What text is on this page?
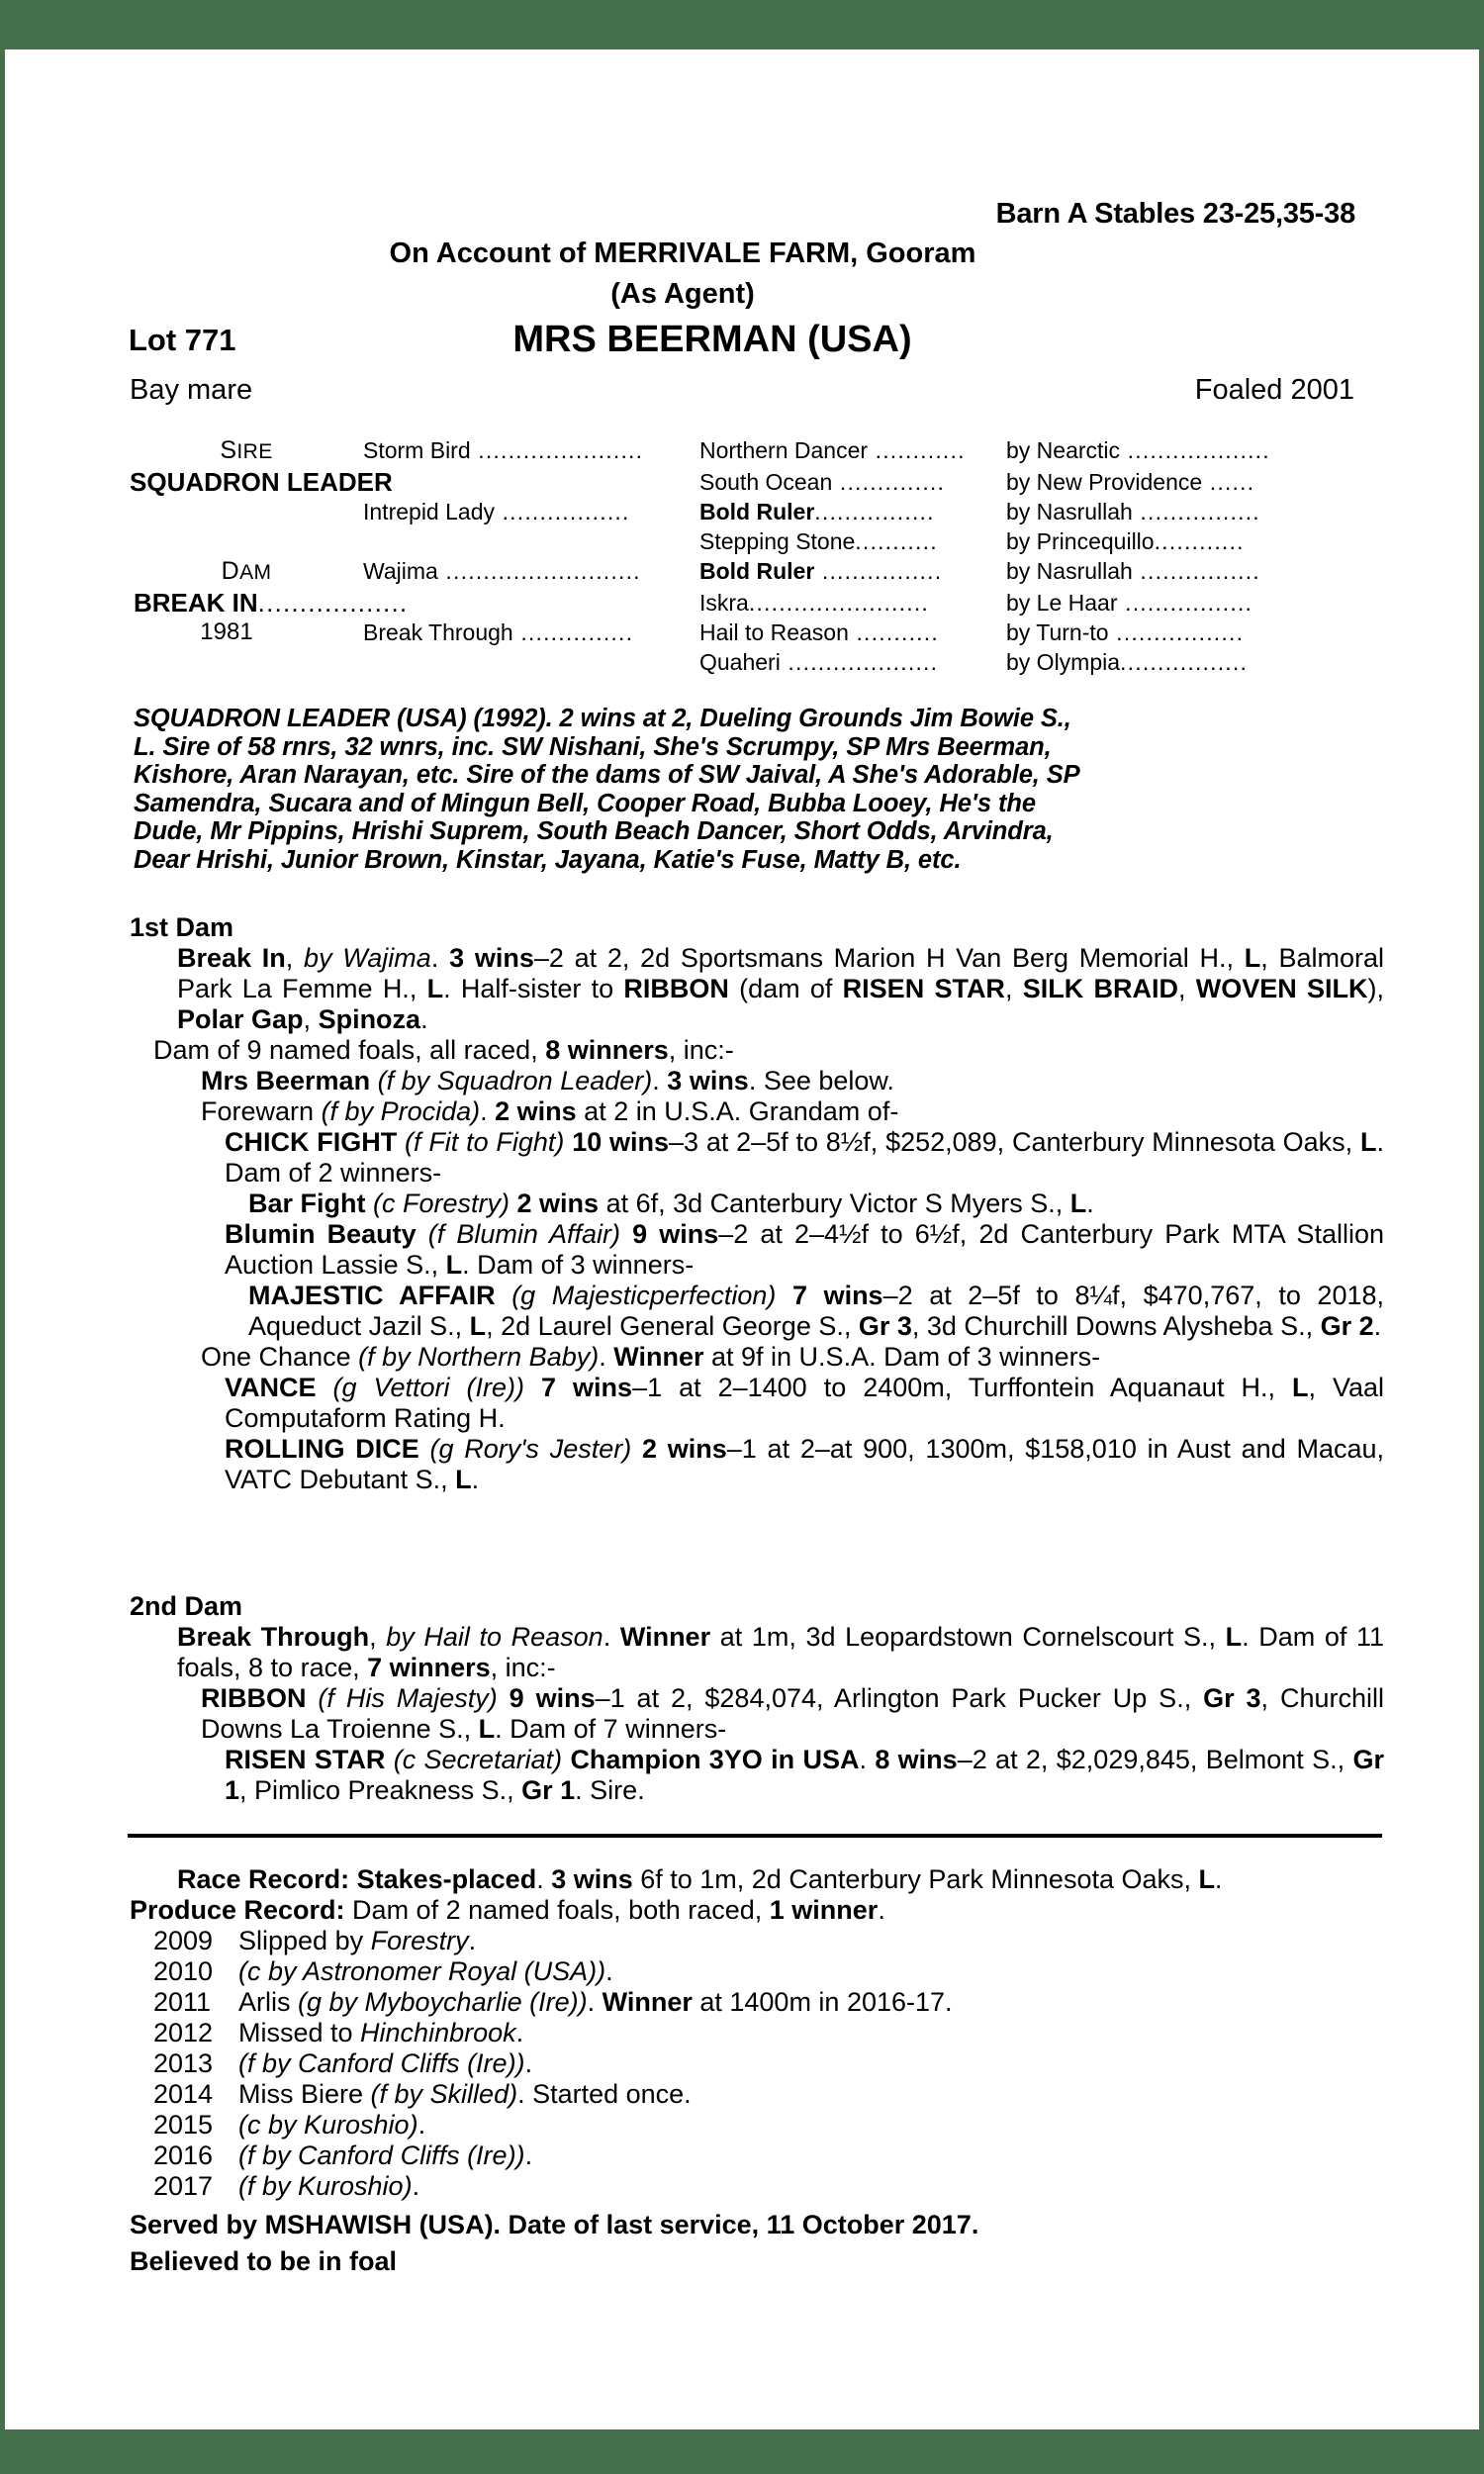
Barn A Stables 23-25,35-38
On Account of MERRIVALE FARM, Gooram
(As Agent)
Lot 771	MRS BEERMAN (USA)
Bay mare	Foaled 2001
SIRE	Storm Bird ......................	Northern Dancer ............	by Nearctic ...................
SQUADRON LEADER	South Ocean ..............	by New Providence ......
Intrepid Lady .................	Bold Ruler................	by Nasrullah ................
Stepping Stone...........	by Princequillo............
DAM	Wajima ..........................	Bold Ruler ................	by Nasrullah ................
BREAK IN..................	Iskra........................	by Le Haar .................
1981	Break Through ...............	Hail to Reason ...........	by Turn-to .................
Quaheri ....................	by Olympia.................
SQUADRON LEADER (USA) (1992). 2 wins at 2, Dueling Grounds Jim Bowie S.,
L. Sire of 58 rnrs, 32 wnrs, inc. SW Nishani, She's Scrumpy, SP Mrs Beerman,
Kishore, Aran Narayan, etc. Sire of the dams of SW Jaival, A She's Adorable, SP
Samendra, Sucara and of Mingun Bell, Cooper Road, Bubba Looey, He's the
Dude, Mr Pippins, Hrishi Suprem, South Beach Dancer, Short Odds, Arvindra,
Dear Hrishi, Junior Brown, Kinstar, Jayana, Katie's Fuse, Matty B, etc.

1st Dam

Break In, by Wajima. 3 wins–2 at 2, 2d Sportsmans Marion H Van Berg Memorial H., L, Balmoral Park La Femme H., L. Half-sister to RIBBON (dam of RISEN STAR, SILK BRAID, WOVEN SILK), Polar Gap, Spinoza.

Dam of 9 named foals, all raced, 8 winners, inc:-

Mrs Beerman (f by Squadron Leader). 3 wins. See below.

Forewarn (f by Procida). 2 wins at 2 in U.S.A. Grandam of-

CHICK FIGHT (f Fit to Fight) 10 wins–3 at 2–5f to 8½f, $252,089, Canterbury Minnesota Oaks, L. Dam of 2 winners-

Bar Fight (c Forestry) 2 wins at 6f, 3d Canterbury Victor S Myers S., L.

Blumin Beauty (f Blumin Affair) 9 wins–2 at 2–4½f to 6½f, 2d Canterbury Park MTA Stallion Auction Lassie S., L. Dam of 3 winners-

MAJESTIC AFFAIR (g Majesticperfection) 7 wins–2 at 2–5f to 8¼f, $470,767, to 2018, Aqueduct Jazil S., L, 2d Laurel General George S., Gr 3, 3d Churchill Downs Alysheba S., Gr 2.

One Chance (f by Northern Baby). Winner at 9f in U.S.A. Dam of 3 winners-

VANCE (g Vettori (Ire)) 7 wins–1 at 2–1400 to 2400m, Turffontein Aquanaut H., L, Vaal Computaform Rating H.

ROLLING DICE (g Rory's Jester) 2 wins–1 at 2–at 900, 1300m, $158,010 in Aust and Macau, VATC Debutant S., L.

2nd Dam

Break Through, by Hail to Reason. Winner at 1m, 3d Leopardstown Cornelscourt S., L. Dam of 11 foals, 8 to race, 7 winners, inc:-

RIBBON (f His Majesty) 9 wins–1 at 2, $284,074, Arlington Park Pucker Up S., Gr 3, Churchill Downs La Troienne S., L. Dam of 7 winners-

RISEN STAR (c Secretariat) Champion 3YO in USA. 8 wins–2 at 2, $2,029,845, Belmont S., Gr 1, Pimlico Preakness S., Gr 1. Sire.

Race Record: Stakes-placed. 3 wins 6f to 1m, 2d Canterbury Park Minnesota Oaks, L.

Produce Record: Dam of 2 named foals, both raced, 1 winner.

2009 Slipped by Forestry.
2010 (c by Astronomer Royal (USA)).
2011	Arlis (g by Myboycharlie (Ire)). Winner at 1400m in 2016-17.
2012 Missed to Hinchinbrook.
2013 (f by Canford Cliffs (Ire)).
2014 Miss Biere (f by Skilled). Started once.
2015 (c by Kuroshio).
2016 (f by Canford Cliffs (Ire)).
2017 (f by Kuroshio).

Served by MSHAWISH (USA). Date of last service, 11 October 2017.

Believed to be in foal
